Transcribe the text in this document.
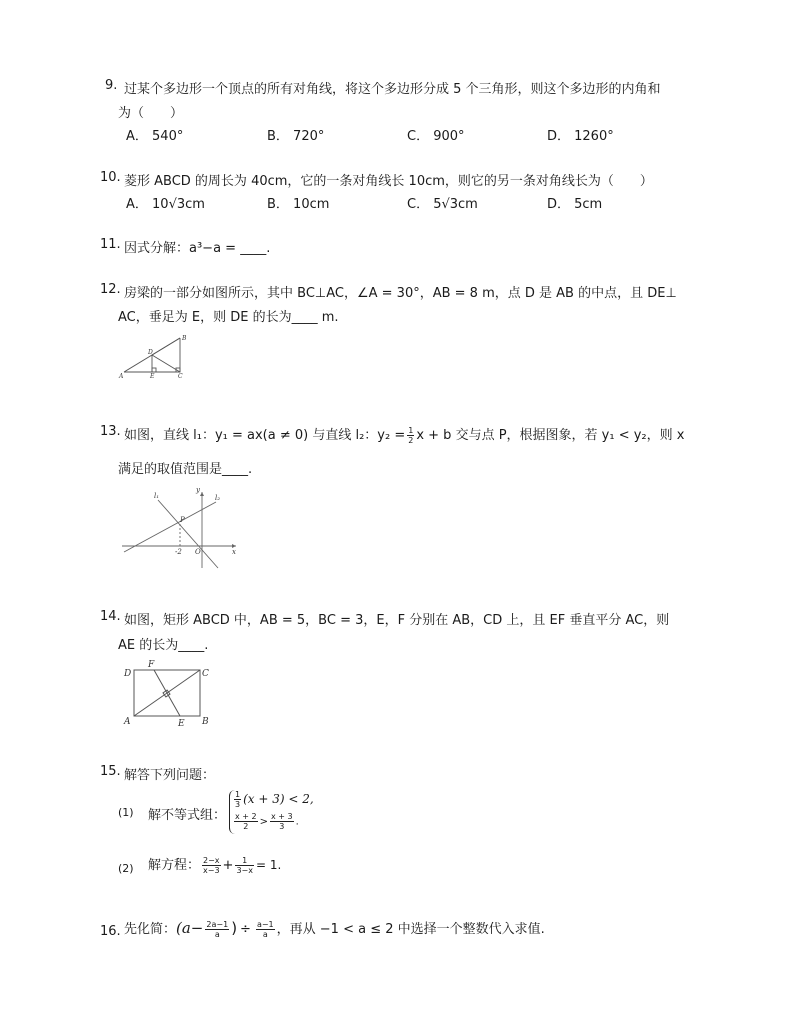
9. 过某个多边形一个顶点的所有对角线，将这个多边形分成 5 个三角形，则这个多边形的内角和
为（　　）
A． 540°	B． 720°	C． 900°	D． 1260°
10. 菱形 ABCD 的周长为 40cm，它的一条对角线长 10cm，则它的另一条对角线长为（　　）
A． 10√3cm	B． 10cm	C． 5√3cm	D． 5cm
11. 因式分解：a³−a = ____.
12. 房梁的一部分如图所示，其中 BC⊥AC，∠A = 30°，AB = 8 m，点 D 是 AB 的中点，且 DE⊥
AC，垂足为 E，则 DE 的长为____ m.
A	E	C
D
B
13. 如图，直线 l₁：y₁ = ax(a ≠ 0) 与直线 l₂：$y_2 = \frac{1}{2}$ x + b 交与点 P，根据图象，若 y₁ < y₂，则 x
满足的取值范围是____.
l₁	l₂
y
P
-2 O	x
14. 如图，矩形 ABCD 中，AB = 5，BC = 3，E，F 分别在 AB，CD 上，且 EF 垂直平分 AC，则
AE 的长为____.
D
F
C
A	E B
15. 解答下列问题：
(1) 解不等式组：
$\frac{1}{3} (x + 3) < 2$,
$\frac{x + 2}{2} > \frac{x + 3}{3}$ .
(2) 解方程： $\frac{2-x}{x-3} + \frac{1}{3-x} = 1$.
16. 先化简：($a- \frac{2a-1}{a}$ ) ÷ $\frac{a-1}{a}$ ，再从 −1 < a ≤ 2 中选择一个整数代入求值.
